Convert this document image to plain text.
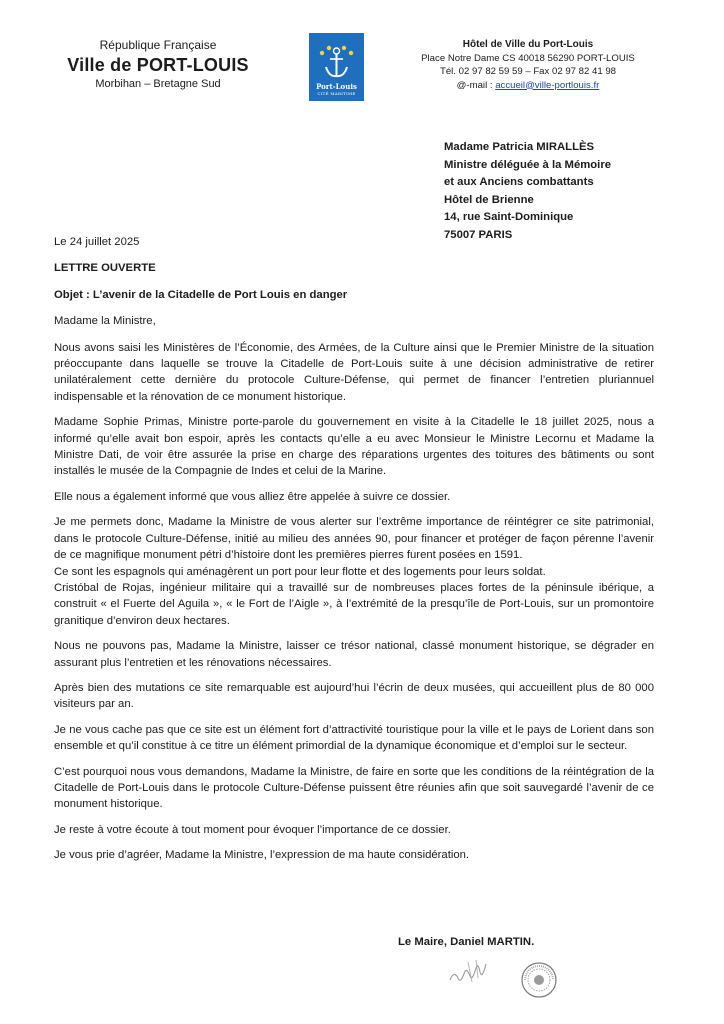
République Française
Ville de PORT-LOUIS
Morbihan – Bretagne Sud	Port-Louis
CITÉ MARITIME
Hôtel de Ville du Port-Louis
Place Notre Dame CS 40018 56290 PORT-LOUIS
Tél. 02 97 82 59 59 – Fax 02 97 82 41 98
@-mail : accueil@ville-portlouis.fr
Madame Patricia MIRALLÈS
Ministre déléguée à la Mémoire
et aux Anciens combattants
Hôtel de Brienne
14, rue Saint-Dominique
75007 PARIS

Le 24 juillet 2025

LETTRE OUVERTE

Objet : L’avenir de la Citadelle de Port Louis en danger

Madame la Ministre,

Nous avons saisi les Ministères de l’Économie, des Armées, de la Culture ainsi que le Premier Ministre de la situation préoccupante dans laquelle se trouve la Citadelle de Port-Louis suite à une décision administrative de retirer unilatéralement cette dernière du protocole Culture-Défense, qui permet de financer l’entretien pluriannuel indispensable et la rénovation de ce monument historique.

Madame Sophie Primas, Ministre porte-parole du gouvernement en visite à la Citadelle le 18 juillet 2025, nous a informé qu’elle avait bon espoir, après les contacts qu’elle a eu avec Monsieur le Ministre Lecornu et Madame la Ministre Dati, de voir être assurée la prise en charge des réparations urgentes des toitures des bâtiments ou sont installés le musée de la Compagnie de Indes et celui de la Marine.

Elle nous a également informé que vous alliez être appelée à suivre ce dossier.

Je me permets donc, Madame la Ministre de vous alerter sur l’extrême importance de réintégrer ce site patrimonial, dans le protocole Culture-Défense, initié au milieu des années 90, pour financer et protéger de façon pérenne l’avenir de ce magnifique monument pétri d’histoire dont les premières pierres furent posées en 1591.

Ce sont les espagnols qui aménagèrent un port pour leur flotte et des logements pour leurs soldat.

Cristóbal de Rojas, ingénieur militaire qui a travaillé sur de nombreuses places fortes de la péninsule ibérique, a construit « el Fuerte del Aguila », « le Fort de l’Aigle », à l’extrémité de la presqu’île de Port-Louis, sur un promontoire granitique d’environ deux hectares.

Nous ne pouvons pas, Madame la Ministre, laisser ce trésor national, classé monument historique, se dégrader en assurant plus l’entretien et les rénovations nécessaires.

Après bien des mutations ce site remarquable est aujourd’hui l’écrin de deux musées, qui accueillent plus de 80 000 visiteurs par an.

Je ne vous cache pas que ce site est un élément fort d’attractivité touristique pour la ville et le pays de Lorient dans son ensemble et qu’il constitue à ce titre un élément primordial de la dynamique économique et d’emploi sur le secteur.

C’est pourquoi nous vous demandons, Madame la Ministre, de faire en sorte que les conditions de la réintégration de la Citadelle de Port-Louis dans le protocole Culture-Défense puissent être réunies afin que soit sauvegardé l’avenir de ce monument historique.

Je reste à votre écoute à tout moment pour évoquer l’importance de ce dossier.

Je vous prie d’agréer, Madame la Ministre, l’expression de ma haute considération.

Le Maire, Daniel MARTIN.
